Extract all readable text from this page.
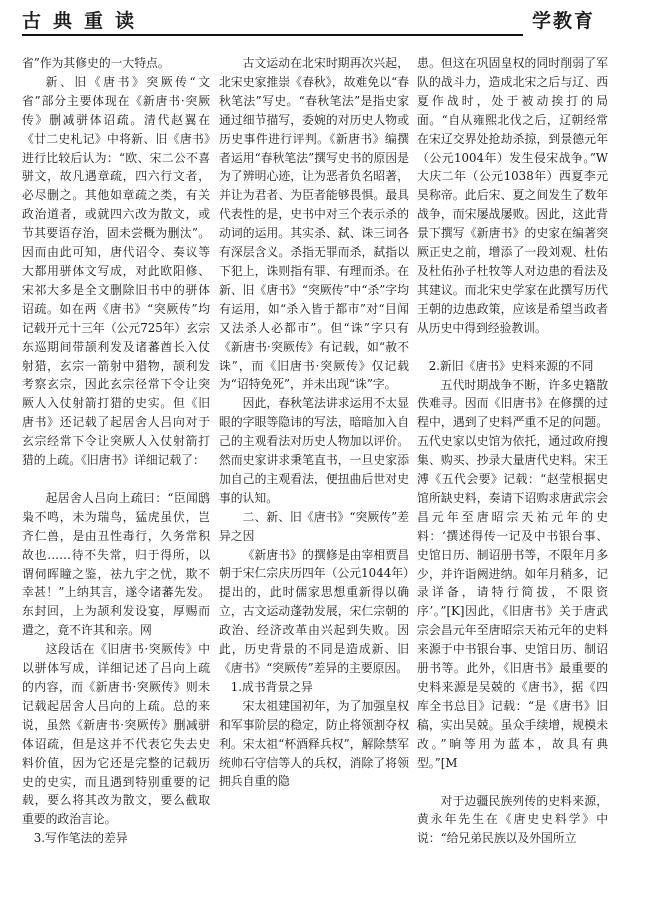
古典重读	学教育

省”作为其修史的一大特点。

新、旧《唐书》突厥传“文省”部分主要体现在《新唐书·突厥传》删减骈体诏疏。清代赵翼在《廿二史札记》中将新、旧《唐书》进行比较后认为：“欧、宋二公不喜骈文，故凡遇章疏，四六行文者，必尽删之。其他如章疏之类，有关政治道者，或就四六改为散文，或节其要语存治，固未尝概为删汰”。因而由此可知，唐代诏令、奏议等大都用骈体文写成，对此欧阳修、宋祁大多是全文删除旧书中的骈体诏疏。如在两《唐书》“突厥传”均记载开元十三年（公元725年）玄宗东巡期间带颉利发及诸蕃酋长入仗射猎，玄宗一箭射中猎物，颉利发考察玄宗，因此玄宗径常下令让突厥人入仗射箭打猎的史实。但《旧唐书》还记载了起居舍人吕向对于玄宗经常下令让突厥人入仗射箭打猎的上疏。《旧唐书》详细记载了：

起居舍人吕向上疏曰：“臣闻鸱枭不鸣，未为瑞鸟，猛虎虽伏，岂齐仁兽，是由丑性毒行，久务常积故也……待不失常，归于得所，以谓伺晖瞳之鉴，祛九宇之忧，欺不幸甚！”上纳其言，遂令诸蕃先发。东封回，上为颉利发设宴，厚赐而遣之，竟不许其和亲。网

这段话在《旧唐书·突厥传》中以骈体写成，详细记述了吕向上疏的内容，而《新唐书·突厥传》则未记载起居舍人吕向的上疏。总的来说，虽然《新唐书·突厥传》删减骈体诏疏，但是这并不代表它失去史料价值，因为它还是完整的记载历史的史实，而且遇到特别重要的记载，要么将其改为散文，要么截取重要的政治言论。

3.写作笔法的差异

古文运动在北宋时期再次兴起，北宋史家推崇《春秋》，故难免以“春秋笔法”写史。“春秋笔法”是指史家通过细节描写，委婉的对历史人物或历史事件进行评判。《新唐书》编撰者运用“春秋笔法”撰写史书的原因是为了辨明心迹，让为恶者负名昭著，并让为君者、为臣者能够畏惧。最具代表性的是，史书中对三个表示杀的动词的运用。其实杀、弑、诛三词各有深层含义。杀指无罪而杀，弑指以下犯上，诛则指有罪、有理而杀。在新、旧《唐书》“突厥传”中“杀”字均有运用，如“杀入皆于都市”对“目闻又法杀人必都市”。但“诛”字只有《新唐书·突厥传》有记载，如“赦不诛”，而《旧唐书·突厥传》仅记载为“诏特免死”，并未出现“诛”字。

因此，春秋笔法讲求运用不太显眼的字眼等隐讳的写法，暗暗加入自己的主观看法对历史人物加以评价。然而史家讲求秉笔直书，一旦史家添加自己的主观看法，便扭曲后世对史事的认知。

二、新、旧《唐书》“突厥传”差异之因

《新唐书》的撰修是由宰相贾昌朝于宋仁宗庆历四年（公元1044年）提出的，此时儒家思想重新得以确立，古文运动蓬勃发展，宋仁宗朝的政治、经济改革由兴起到失败。因此，历史背景的不同是造成新、旧《唐书》“突厥传”差异的主要原因。

1.成书背景之异

宋太祖建国初年，为了加强皇权和军事阶层的稳定，防止将领割夺权利。宋太祖“杯酒释兵权”，解除禁军统帅石守信等人的兵权，消除了将领拥兵自重的隐

患。但这在巩固皇权的同时削弱了军队的战斗力，造成北宋之后与辽、西夏作战时，处于被动挨打的局面。“自从雍熙北伐之后，辽朝经常在宋辽交界处抢劫杀掠，到景德元年（公元1004年）发生侵宋战争。”W大庆二年（公元1038年）西夏李元昊称帝。此后宋、夏之间发生了数年战争，而宋屡战屡败。因此，这此背景下撰写《新唐书》的史家在编著突厥正史之前，增添了一段刘观、杜佑及杜佑孙子杜牧等人对边患的看法及其建议。而北宋史学家在此撰写历代王朝的边患政策，应该是希望当政者从历史中得到经验教训。

2.新旧《唐书》史料来源的不同

五代时期战争不断，许多史籍散佚难寻。因而《旧唐书》在修撰的过程中，遇到了史料严重不足的问题。五代史家以史馆为依托，通过政府搜集、购买、抄录大量唐代史料。宋王溥《五代会要》记载：“赵莹根据史馆所缺史料，奏请下诏购求唐武宗会昌元年至唐昭宗天祐元年的史料：‘撰述得传一记及中书银台事、史馆日历、制诏册书等，不限年月多少，并许诣阙进纳。如年月稍多，记录详备，请特行简拔，不限资序’。”[K]因此，《旧唐书》关于唐武宗会昌元年至唐昭宗天祐元年的史料来源于中书银台事、史馆日历、制诏册书等。此外，《旧唐书》最重要的史料来源是吴兢的《唐书》，据《四库全书总目》记载：“是《唐书》旧稿，实出吴兢。虽众手续增，规模未改。”晌等用为蓝本，故具有典型。”[M

对于边疆民族列传的史料来源，黄永年先生在《唐史史料学》中说：“给兄弟民族以及外国所立
